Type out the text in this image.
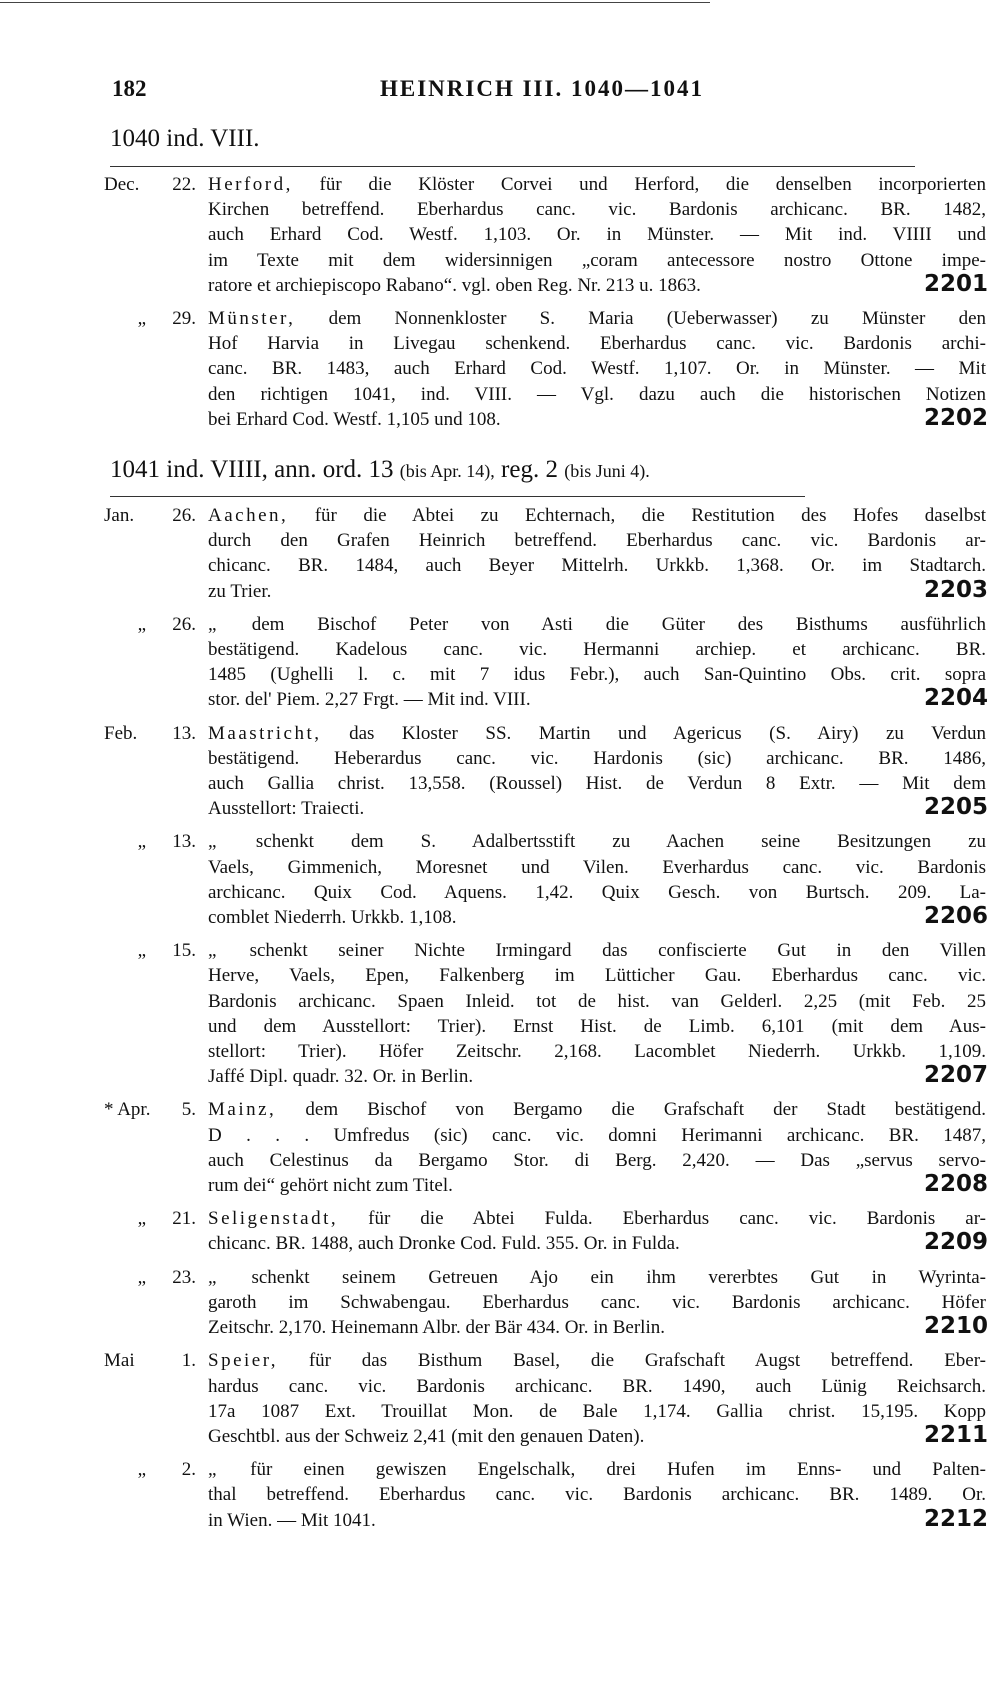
182	HEINRICH III. 1040—1041
1040 ind. VIII.
Dec. 22. Herford, für die Klöster Corvei und Herford, die denselben incorporierten
Kirchen betreffend. Eberhardus canc. vic. Bardonis archicanc. BR. 1482,
auch Erhard Cod. Westf. 1,103. Or. in Münster. — Mit ind. VIIII und
im Texte mit dem widersinnigen „coram antecessore nostro Ottone impe-
ratore et archiepiscopo Rabano“. vgl. oben Reg. Nr. 213 u. 1863.	2201
„ 29. Münster, dem Nonnenkloster S. Maria (Ueberwasser) zu Münster den
Hof Harvia in Livegau schenkend. Eberhardus canc. vic. Bardonis archi-
canc. BR. 1483, auch Erhard Cod. Westf. 1,107. Or. in Münster. — Mit
den richtigen 1041, ind. VIII. — Vgl. dazu auch die historischen Notizen
bei Erhard Cod. Westf. 1,105 und 108.	2202
1041 ind. VIIII, ann. ord. 13 (bis Apr. 14), reg. 2 (bis Juni 4).
Jan. 26. Aachen, für die Abtei zu Echternach, die Restitution des Hofes daselbst
durch den Grafen Heinrich betreffend. Eberhardus canc. vic. Bardonis ar-
chicanc. BR. 1484, auch Beyer Mittelrh. Urkkb. 1,368. Or. im Stadtarch.
zu Trier.	2203
„ 26. „ dem Bischof Peter von Asti die Güter des Bisthums ausführlich
bestätigend. Kadelous canc. vic. Hermanni archiep. et archicanc. BR.
1485 (Ughelli l. c. mit 7 idus Febr.), auch San-Quintino Obs. crit. sopra
stor. del' Piem. 2,27 Frgt. — Mit ind. VIII.	2204
Feb. 13. Maastricht, das Kloster SS. Martin und Agericus (S. Airy) zu Verdun
bestätigend. Heberardus canc. vic. Hardonis (sic) archicanc. BR. 1486,
auch Gallia christ. 13,558. (Roussel) Hist. de Verdun 8 Extr. — Mit dem
Ausstellort: Traiecti.	2205
„ 13. „ schenkt dem S. Adalbertsstift zu Aachen seine Besitzungen zu
Vaels, Gimmenich, Moresnet und Vilen. Everhardus canc. vic. Bardonis
archicanc. Quix Cod. Aquens. 1,42. Quix Gesch. von Burtsch. 209. La-
comblet Niederrh. Urkkb. 1,108.	2206
„ 15. „ schenkt seiner Nichte Irmingard das confiscierte Gut in den Villen
Herve, Vaels, Epen, Falkenberg im Lütticher Gau. Eberhardus canc. vic.
Bardonis archicanc. Spaen Inleid. tot de hist. van Gelderl. 2,25 (mit Feb. 25
und dem Ausstellort: Trier). Ernst Hist. de Limb. 6,101 (mit dem Aus-
stellort: Trier). Höfer Zeitschr. 2,168. Lacomblet Niederrh. Urkkb. 1,109.
Jaffé Dipl. quadr. 32. Or. in Berlin.	2207
* Apr. 5. Mainz, dem Bischof von Bergamo die Grafschaft der Stadt bestätigend.
D . . . Umfredus (sic) canc. vic. domni Herimanni archicanc. BR. 1487,
auch Celestinus da Bergamo Stor. di Berg. 2,420. — Das „servus servo-
rum dei“ gehört nicht zum Titel.	2208
„ 21. Seligenstadt, für die Abtei Fulda. Eberhardus canc. vic. Bardonis ar-
chicanc. BR. 1488, auch Dronke Cod. Fuld. 355. Or. in Fulda.	2209
„ 23. „ schenkt seinem Getreuen Ajo ein ihm vererbtes Gut in Wyrinta-
garoth im Schwabengau. Eberhardus canc. vic. Bardonis archicanc. Höfer
Zeitschr. 2,170. Heinemann Albr. der Bär 434. Or. in Berlin.	2210
Mai 1. Speier, für das Bisthum Basel, die Grafschaft Augst betreffend. Eber-
hardus canc. vic. Bardonis archicanc. BR. 1490, auch Lünig Reichsarch.
17a 1087 Ext. Trouillat Mon. de Bale 1,174. Gallia christ. 15,195. Kopp
Geschtbl. aus der Schweiz 2,41 (mit den genauen Daten).	2211
„ 2. „ für einen gewiszen Engelschalk, drei Hufen im Enns- und Palten-
thal betreffend. Eberhardus canc. vic. Bardonis archicanc. BR. 1489. Or.
in Wien. — Mit 1041.	2212
